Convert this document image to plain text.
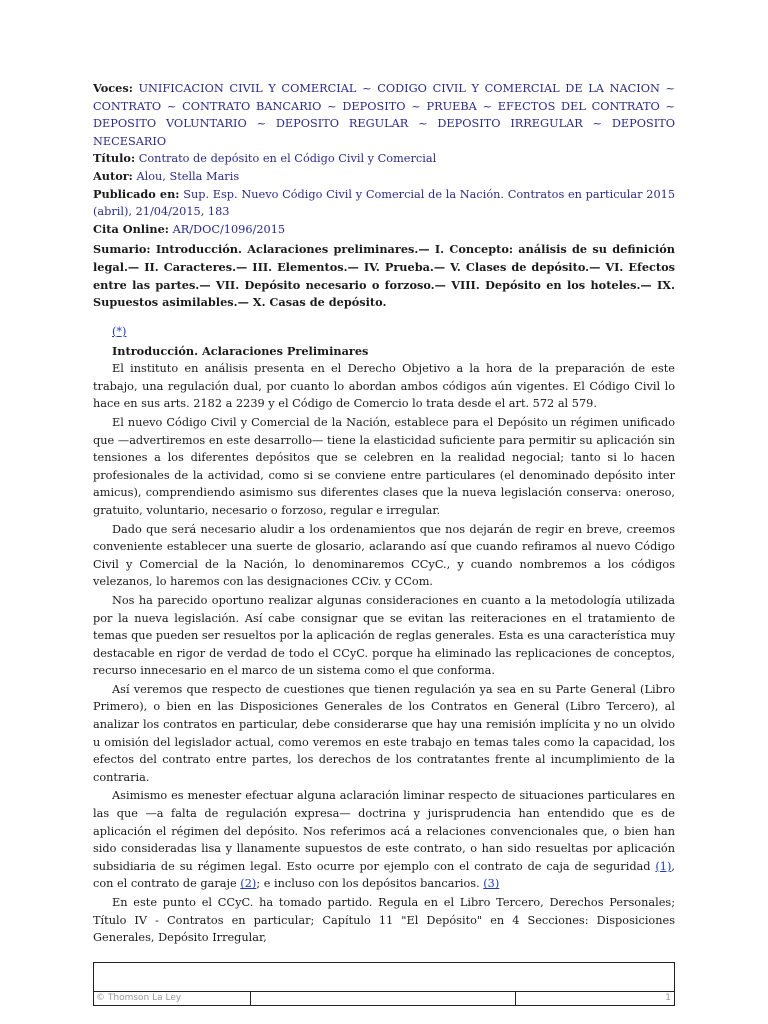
Voces: UNIFICACION CIVIL Y COMERCIAL ~ CODIGO CIVIL Y COMERCIAL DE LA NACION ~ CONTRATO ~ CONTRATO BANCARIO ~ DEPOSITO ~ PRUEBA ~ EFECTOS DEL CONTRATO ~ DEPOSITO VOLUNTARIO ~ DEPOSITO REGULAR ~ DEPOSITO IRREGULAR ~ DEPOSITO NECESARIO

Título: Contrato de depósito en el Código Civil y Comercial

Autor: Alou, Stella Maris

Publicado en: Sup. Esp. Nuevo Código Civil y Comercial de la Nación. Contratos en particular 2015 (abril), 21/04/2015, 183

Cita Online: AR/DOC/1096/2015

Sumario: Introducción. Aclaraciones preliminares.— I. Concepto: análisis de su definición legal.— II. Caracteres.— III. Elementos.— IV. Prueba.— V. Clases de depósito.— VI. Efectos entre las partes.— VII. Depósito necesario o forzoso.— VIII. Depósito en los hoteles.— IX. Supuestos asimilables.— X. Casas de depósito.

(*)
Introducción. Aclaraciones Preliminares

El instituto en análisis presenta en el Derecho Objetivo a la hora de la preparación de este trabajo, una regulación dual, por cuanto lo abordan ambos códigos aún vigentes. El Código Civil lo hace en sus arts. 2182 a 2239 y el Código de Comercio lo trata desde el art. 572 al 579.

El nuevo Código Civil y Comercial de la Nación, establece para el Depósito un régimen unificado que —advertiremos en este desarrollo— tiene la elasticidad suficiente para permitir su aplicación sin tensiones a los diferentes depósitos que se celebren en la realidad negocial; tanto si lo hacen profesionales de la actividad, como si se conviene entre particulares (el denominado depósito inter amicus), comprendiendo asimismo sus diferentes clases que la nueva legislación conserva: oneroso, gratuito, voluntario, necesario o forzoso, regular e irregular.

Dado que será necesario aludir a los ordenamientos que nos dejarán de regir en breve, creemos conveniente establecer una suerte de glosario, aclarando así que cuando refiramos al nuevo Código Civil y Comercial de la Nación, lo denominaremos CCyC., y cuando nombremos a los códigos velezanos, lo haremos con las designaciones CCiv. y CCom.

Nos ha parecido oportuno realizar algunas consideraciones en cuanto a la metodología utilizada por la nueva legislación. Así cabe consignar que se evitan las reiteraciones en el tratamiento de temas que pueden ser resueltos por la aplicación de reglas generales. Esta es una característica muy destacable en rigor de verdad de todo el CCyC. porque ha eliminado las replicaciones de conceptos, recurso innecesario en el marco de un sistema como el que conforma.

Así veremos que respecto de cuestiones que tienen regulación ya sea en su Parte General (Libro Primero), o bien en las Disposiciones Generales de los Contratos en General (Libro Tercero), al analizar los contratos en particular, debe considerarse que hay una remisión implícita y no un olvido u omisión del legislador actual, como veremos en este trabajo en temas tales como la capacidad, los efectos del contrato entre partes, los derechos de los contratantes frente al incumplimiento de la contraria.

Asimismo es menester efectuar alguna aclaración liminar respecto de situaciones particulares en las que —a falta de regulación expresa— doctrina y jurisprudencia han entendido que es de aplicación el régimen del depósito. Nos referimos acá a relaciones convencionales que, o bien han sido consideradas lisa y llanamente supuestos de este contrato, o han sido resueltas por aplicación subsidiaria de su régimen legal. Esto ocurre por ejemplo con el contrato de caja de seguridad (1), con el contrato de garaje (2); e incluso con los depósitos bancarios. (3)

En este punto el CCyC. ha tomado partido. Regula en el Libro Tercero, Derechos Personales; Título IV - Contratos en particular; Capítulo 11 "El Depósito" en 4 Secciones: Disposiciones Generales, Depósito Irregular,

© Thomson La Ley	1
